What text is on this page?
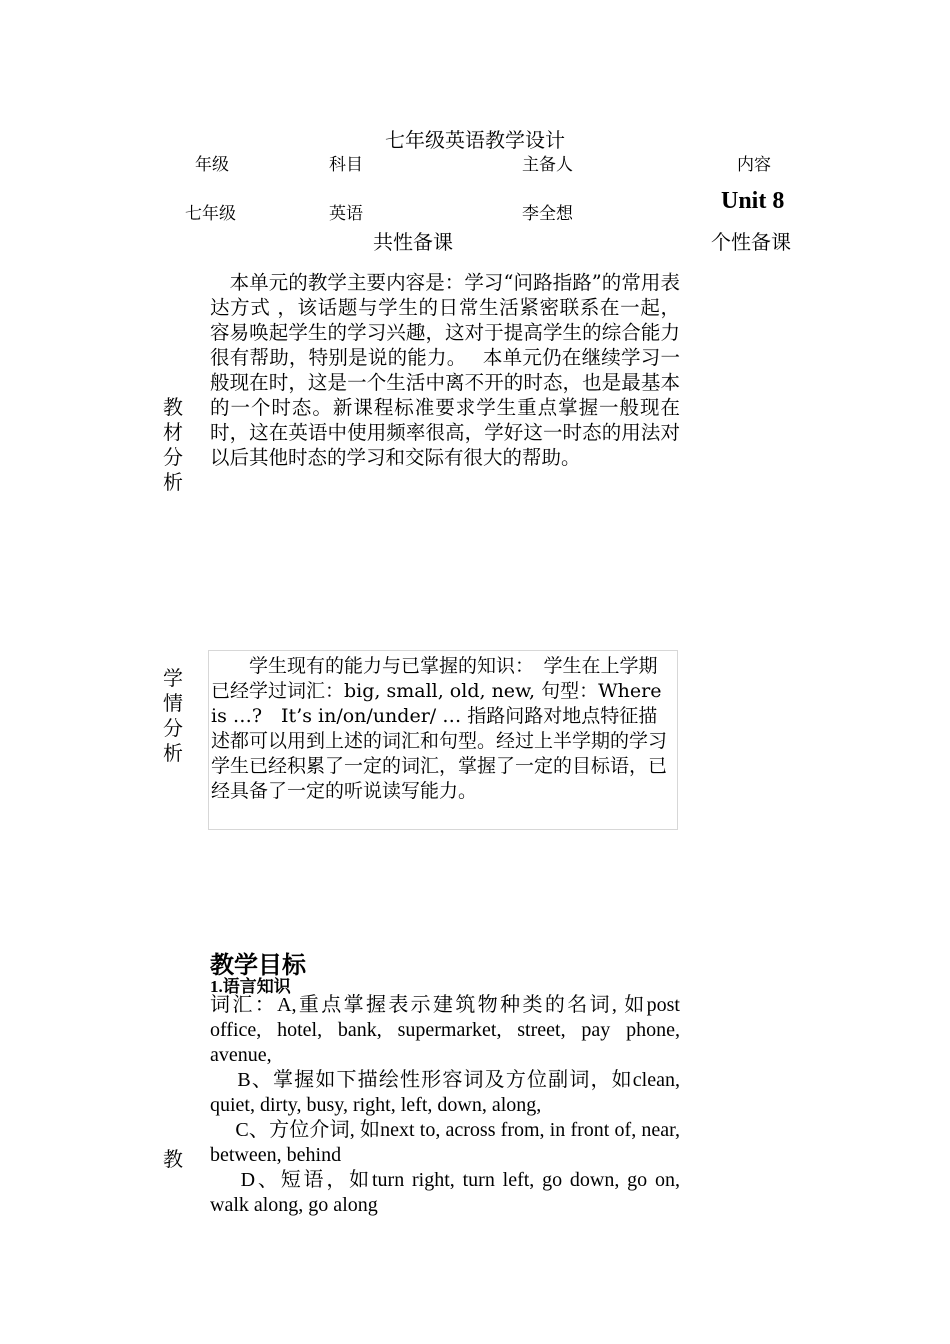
七年级英语教学设计
年级	科目	主备人	内容
七年级	英语	李全想	Unit 8
共性备课	个性备课
教
材
分
析
　本单元的教学主要内容是：学习“问路指路”的常用表达方式 ，该话题与学生的日常生活紧密联系在一起，容易唤起学生的学习兴趣，这对于提高学生的综合能力很有帮助，特别是说的能力。　 本单元仍在继续学习一般现在时，这是一个生活中离不开的时态，也是最基本的一个时态。新课程标准要求学生重点掌握一般现在时，这在英语中使用频率很高，学好这一时态的用法对以后其他时态的学习和交际有很大的帮助。
学
情
分
析
　　学生现有的能力与已掌握的知识：　学生在上学期已经学过词汇：big, small, old, new, 句型：Where is …?　It’s in/on/under/ … 指路问路对地点特征描述都可以用到上述的词汇和句型。经过上半学期的学习学生已经积累了一定的词汇，掌握了一定的目标语，已经具备了一定的听说读写能力。
教
教学目标
1.语言知识

词汇：A,重点掌握表示建筑物种类的名词, 如post office, hotel, bank, supermarket, street, pay phone, avenue,

　 B、掌握如下描绘性形容词及方位副词，如clean, quiet, dirty, busy, right, left, down, along,

　 C、方位介词, 如next to, across from, in front of, near, between, behind

　 D、短语，如turn right, turn left, go down, go on, walk along, go along
